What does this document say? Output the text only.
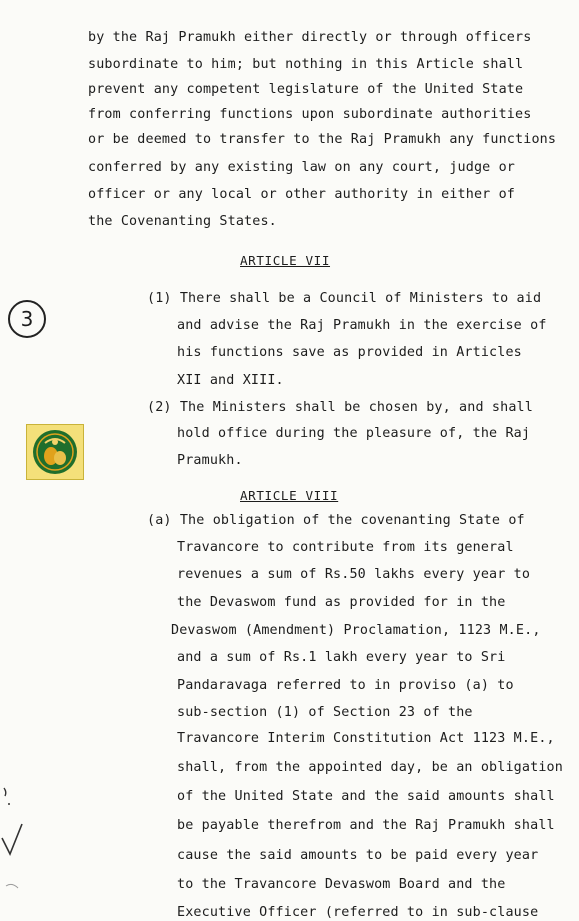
by the Raj Pramukh either directly or through officers
subordinate to him; but nothing in this Article shall
prevent any competent legislature of the United State
from conferring functions upon subordinate authorities
or be deemed to transfer to the Raj Pramukh any functions
conferred by any existing law on any court, judge or
officer or any local or other authority in either of
the Covenanting States.
ARTICLE VII
3
(1) There shall be a Council of Ministers to aid
and advise the Raj Pramukh in the exercise of
his functions save as provided in Articles
XII and XIII.
(2) The Ministers shall be chosen by, and shall
hold office during the pleasure of, the Raj
Pramukh.
ARTICLE VIII
(a) The obligation of the covenanting State of
Travancore to contribute from its general
revenues a sum of Rs.50 lakhs every year to
the Devaswom fund as provided for in the
Devaswom (Amendment) Proclamation, 1123 M.E.,
and a sum of Rs.1 lakh every year to Sri
Pandaravaga referred to in proviso (a) to
sub-section (1) of Section 23 of the
Travancore Interim Constitution Act 1123 M.E.,
shall, from the appointed day, be an obligation
of the United State and the said amounts shall
be payable therefrom and the Raj Pramukh shall
cause the said amounts to be paid every year
to the Travancore Devaswom Board and the
Executive Officer (referred to in sub-clause
